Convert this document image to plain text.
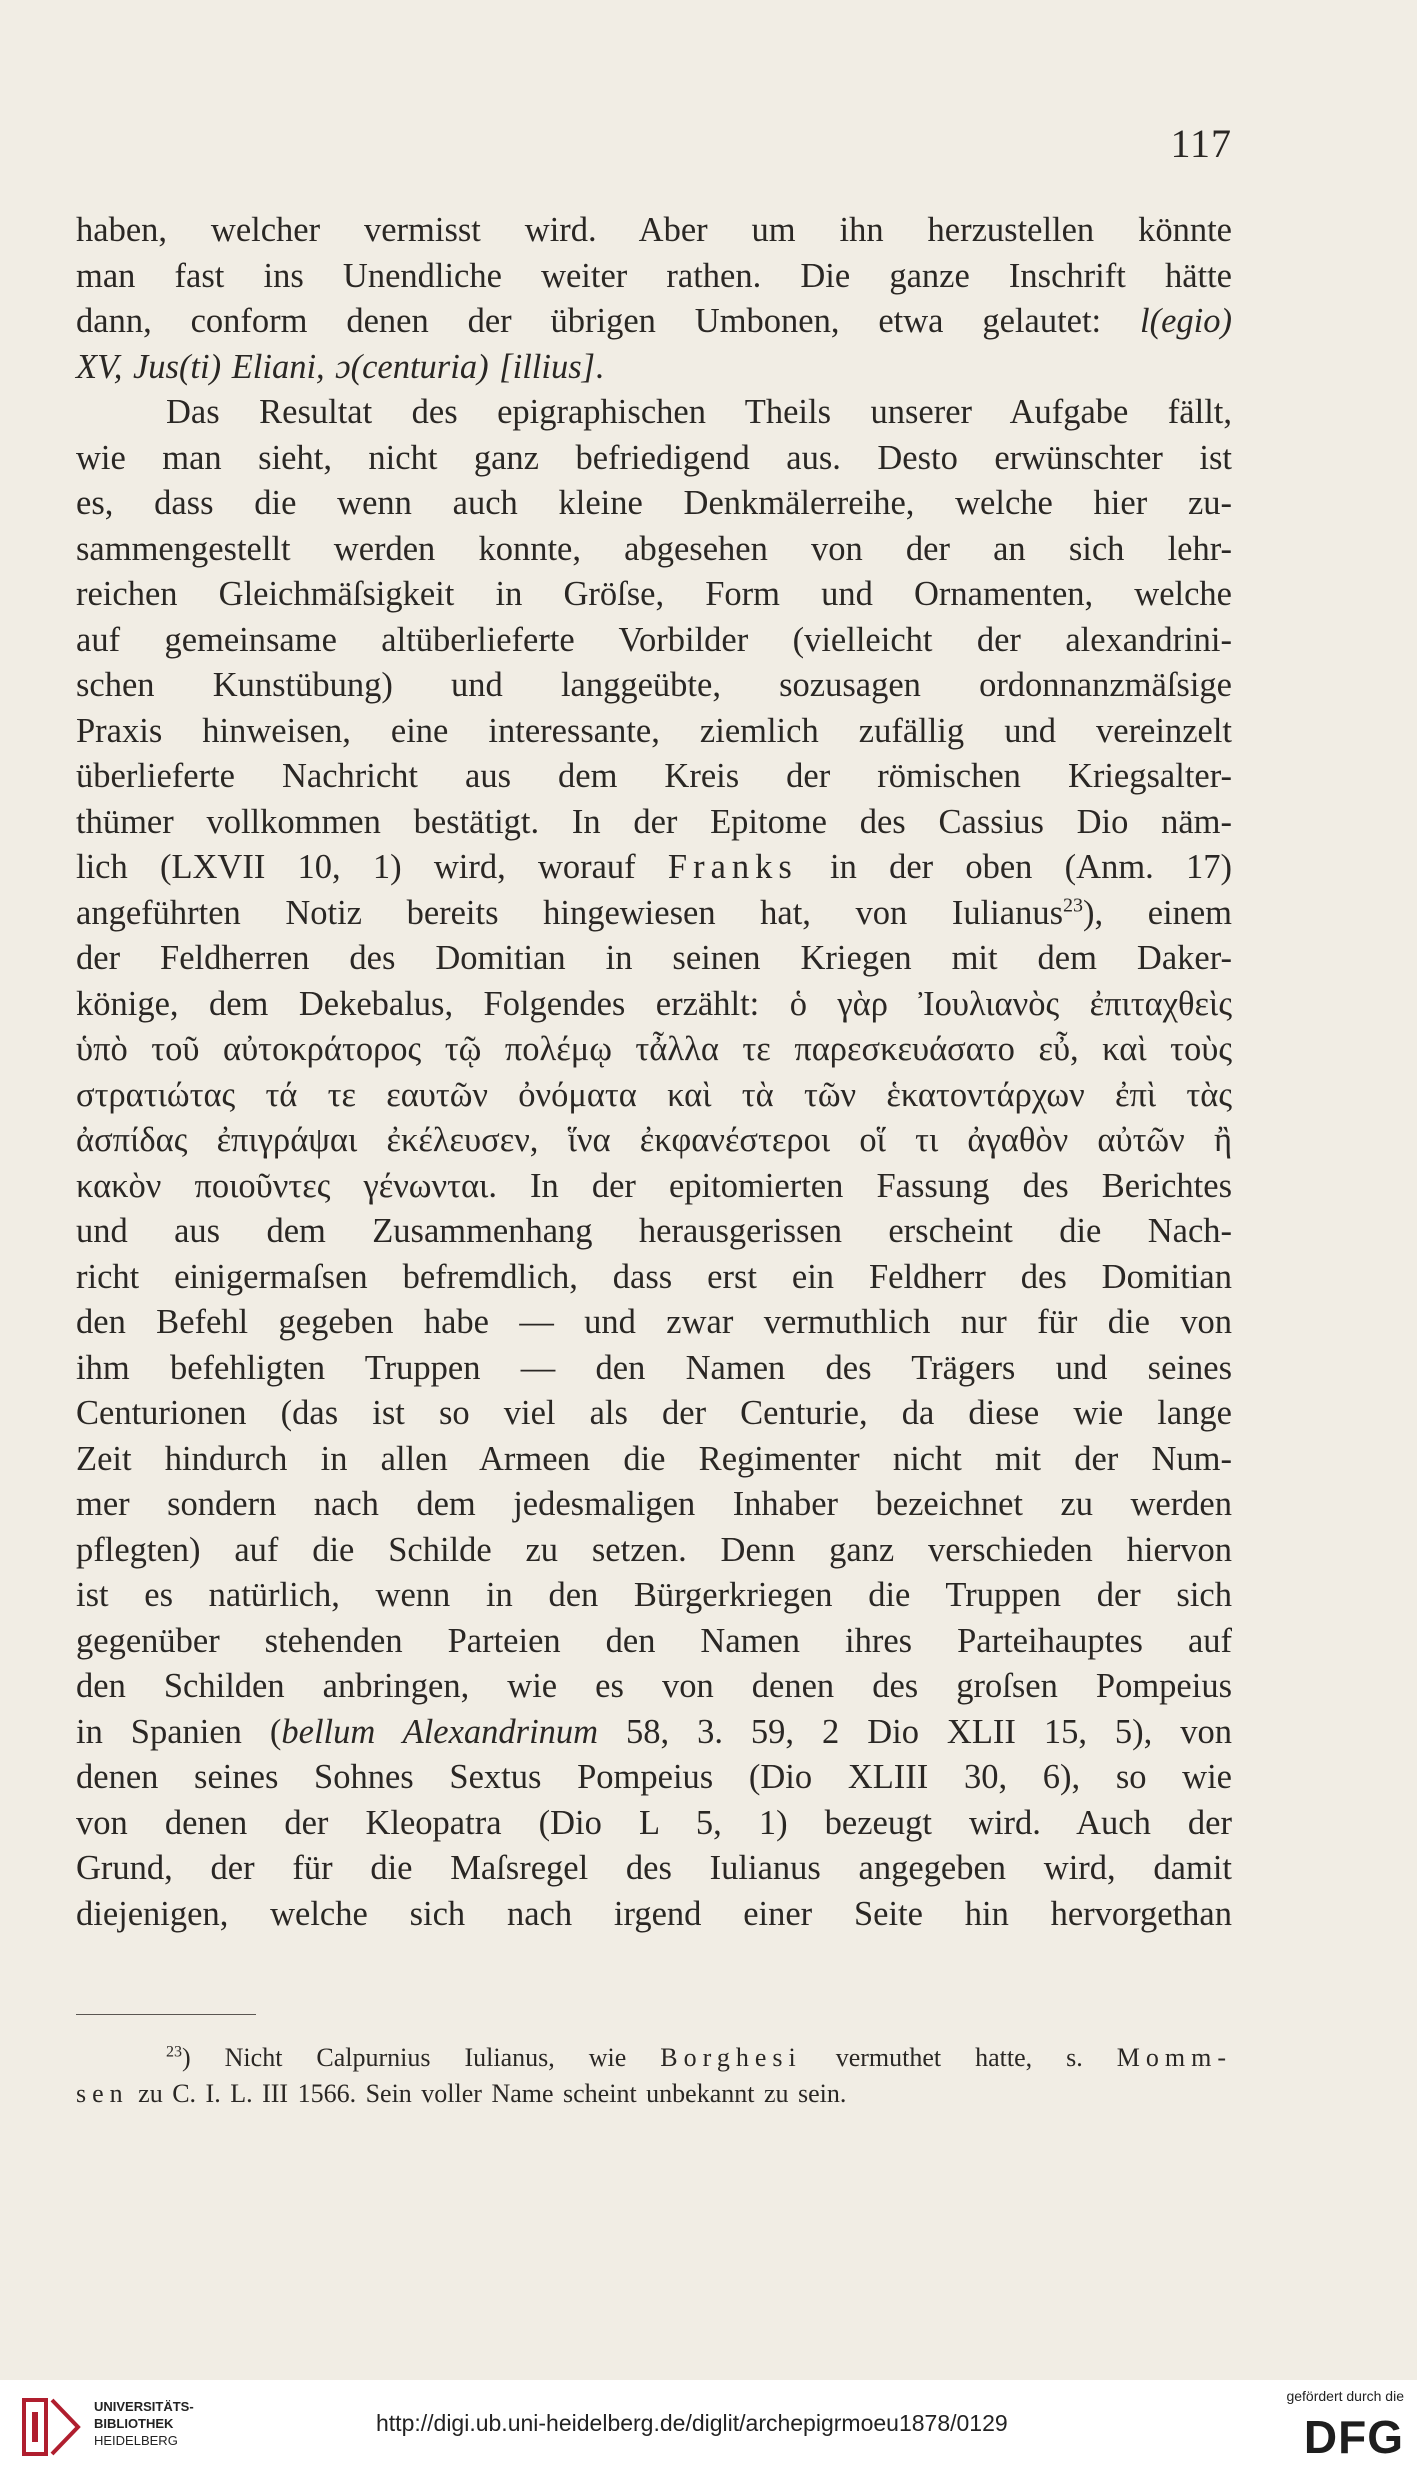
117
haben, welcher vermisst wird. Aber um ihn herzustellen könnte
man fast ins Unendliche weiter rathen. Die ganze Inschrift hätte
dann, conform denen der übrigen Umbonen, etwa gelautet: l(egio)
XV, Jus(ti) Eliani, ɔ(centuria) [illius].
Das Resultat des epigraphischen Theils unserer Aufgabe fällt,
wie man sieht, nicht ganz befriedigend aus. Desto erwünschter ist
es, dass die wenn auch kleine Denkmälerreihe, welche hier zu-
sammengestellt werden konnte, abgesehen von der an sich lehr-
reichen Gleichmäſsigkeit in Gröſse, Form und Ornamenten, welche
auf gemeinsame altüberlieferte Vorbilder (vielleicht der alexandrini-
schen Kunstübung) und langgeübte, sozusagen ordonnanzmäſsige
Praxis hinweisen, eine interessante, ziemlich zufällig und vereinzelt
überlieferte Nachricht aus dem Kreis der römischen Kriegsalter-
thümer vollkommen bestätigt. In der Epitome des Cassius Dio näm-
lich (LXVII 10, 1) wird, worauf Franks in der oben (Anm. 17)
angeführten Notiz bereits hingewiesen hat, von Iulianus$^{23}$), einem
der Feldherren des Domitian in seinen Kriegen mit dem Daker-
könige, dem Dekebalus, Folgendes erzählt: ὁ γὰρ Ἰουλιανὸς ἐπιταχθεὶς
ὑπὸ τοῦ αὐτοκράτορος τῷ πολέμῳ τἆλλα τε παρεσκευάσατο εὖ, καὶ τοὺς
στρατιώτας τά τε εαυτῶν ὀνόματα καὶ τὰ τῶν ἑκατοντάρχων ἐπὶ τὰς
ἀσπίδας ἐπιγράψαι ἐκέλευσεν, ἵνα ἐκφανέστεροι οἵ τι ἀγαθὸν αὐτῶν ἢ
κακὸν ποιοῦντες γένωνται. In der epitomierten Fassung des Berichtes
und aus dem Zusammenhang herausgerissen erscheint die Nach-
richt einigermaſsen befremdlich, dass erst ein Feldherr des Domitian
den Befehl gegeben habe — und zwar vermuthlich nur für die von
ihm befehligten Truppen — den Namen des Trägers und seines
Centurionen (das ist so viel als der Centurie, da diese wie lange
Zeit hindurch in allen Armeen die Regimenter nicht mit der Num-
mer sondern nach dem jedesmaligen Inhaber bezeichnet zu werden
pflegten) auf die Schilde zu setzen. Denn ganz verschieden hiervon
ist es natürlich, wenn in den Bürgerkriegen die Truppen der sich
gegenüber stehenden Parteien den Namen ihres Parteihauptes auf
den Schilden anbringen, wie es von denen des groſsen Pompeius
in Spanien (bellum Alexandrinum 58, 3. 59, 2 Dio XLII 15, 5), von
denen seines Sohnes Sextus Pompeius (Dio XLIII 30, 6), so wie
von denen der Kleopatra (Dio L 5, 1) bezeugt wird. Auch der
Grund, der für die Maſsregel des Iulianus angegeben wird, damit
diejenigen, welche sich nach irgend einer Seite hin hervorgethan
$^{23}$) Nicht Calpurnius Iulianus, wie Borghesi vermuthet hatte, s. Momm-
sen zu C. I. L. III 1566. Sein voller Name scheint unbekannt zu sein.
UNIVERSITÄTS-
BIBLIOTHEK
HEIDELBERG
http://digi.ub.uni-heidelberg.de/diglit/archepigrmoeu1878/0129
gefördert durch die
DFG
